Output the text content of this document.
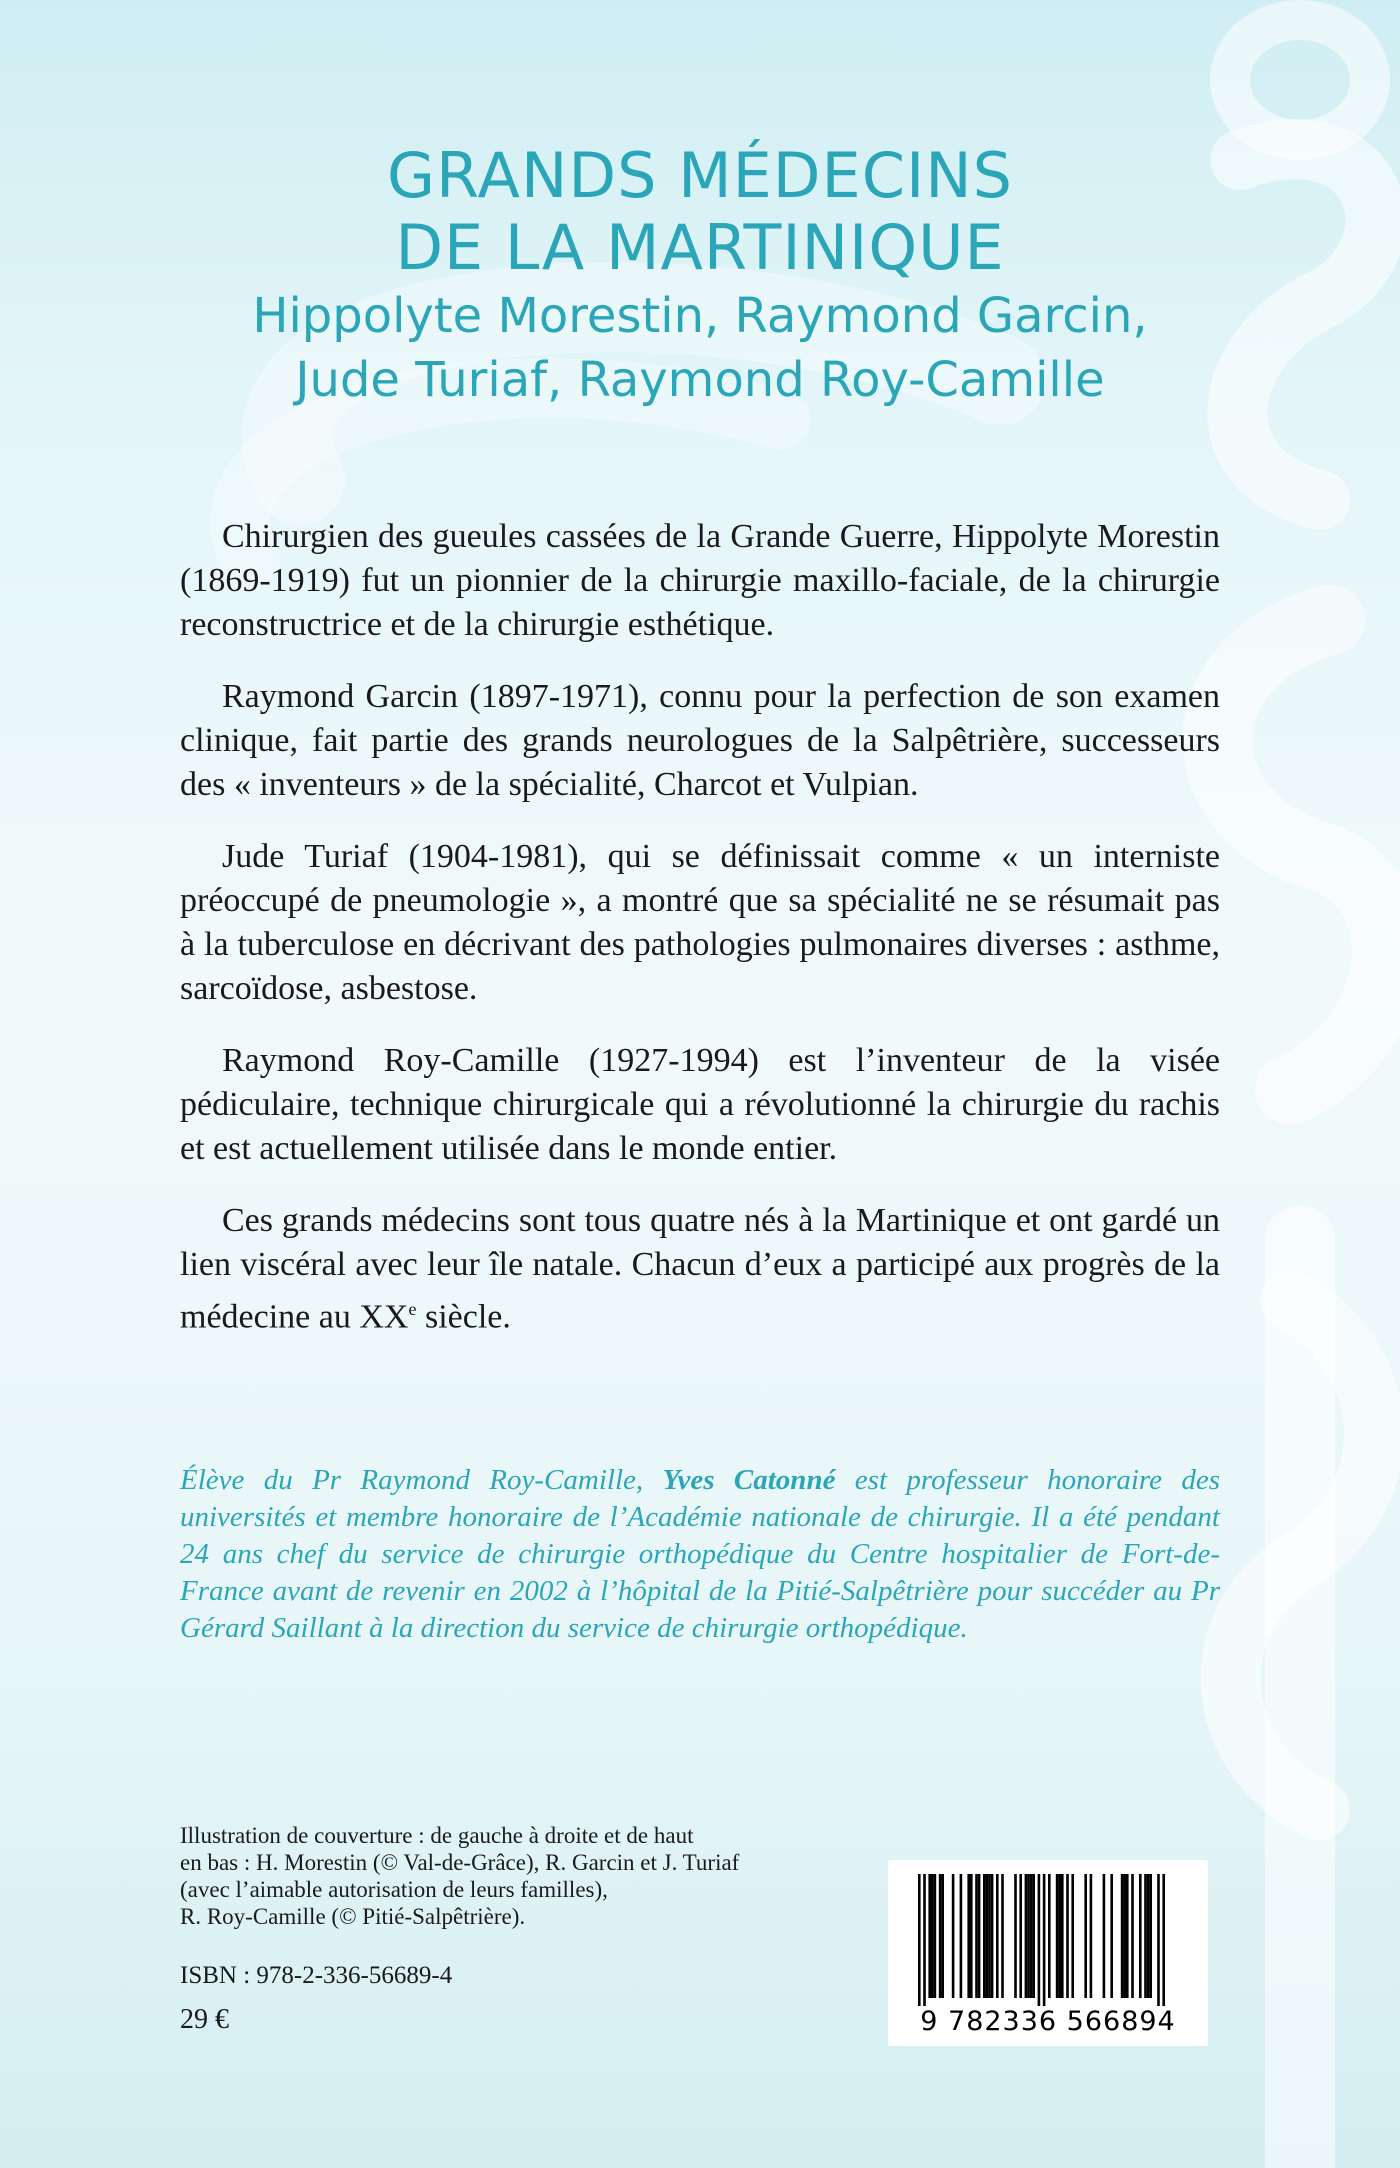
GRANDS MÉDECINS
DE LA MARTINIQUE
Hippolyte Morestin, Raymond Garcin,
Jude Turiaf, Raymond Roy-Camille

Chirurgien des gueules cassées de la Grande Guerre, Hippolyte Morestin (1869-1919) fut un pionnier de la chirurgie maxillo-faciale, de la chirurgie reconstructrice et de la chirurgie esthétique.

Raymond Garcin (1897-1971), connu pour la perfection de son examen clinique, fait partie des grands neurologues de la Salpêtrière, successeurs des « inventeurs » de la spécialité, Charcot et Vulpian.

Jude Turiaf (1904-1981), qui se définissait comme « un interniste préoccupé de pneumologie », a montré que sa spécialité ne se résumait pas à la tuberculose en décrivant des pathologies pulmonaires diverses : asthme, sarcoïdose, asbestose.

Raymond Roy-Camille (1927-1994) est l’inventeur de la visée pédiculaire, technique chirurgicale qui a révolutionné la chirurgie du rachis et est actuellement utilisée dans le monde entier.

Ces grands médecins sont tous quatre nés à la Martinique et ont gardé un lien viscéral avec leur île natale. Chacun d’eux a participé aux progrès de la médecine au XXe siècle.

Élève du Pr Raymond Roy-Camille, Yves Catonné est professeur honoraire des universités et membre honoraire de l’Académie nationale de chirurgie. Il a été pendant 24 ans chef du service de chirurgie orthopédique du Centre hospitalier de Fort-de-France avant de revenir en 2002 à l’hôpital de la Pitié-Salpêtrière pour succéder au Pr Gérard Saillant à la direction du service de chirurgie orthopédique.
Illustration de couverture : de gauche à droite et de haut
en bas : H. Morestin (© Val-de-Grâce), R. Garcin et J. Turiaf
(avec l’aimable autorisation de leurs familles),
R. Roy-Camille (© Pitié-Salpêtrière).
ISBN : 978-2-336-56689-4
29 €	9 782336 566894
